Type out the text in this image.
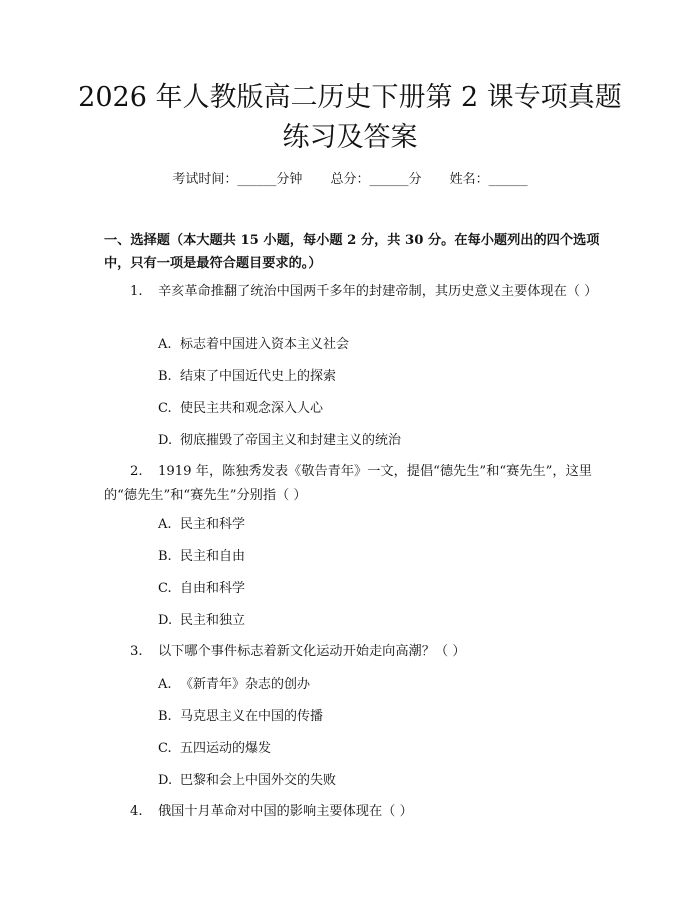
2026 年人教版高二历史下册第 2 课专项真题
练习及答案
考试时间：______分钟 总分：______分 姓名：______

一、选择题（本大题共 15 小题，每小题 2 分，共 30 分。在每小题列出的四个选项中，只有一项是最符合题目要求的。）

1. 辛亥革命推翻了统治中国两千多年的封建帝制，其历史意义主要体现在（ ）

A. 标志着中国进入资本主义社会

B. 结束了中国近代史上的探索

C. 使民主共和观念深入人心

D. 彻底摧毁了帝国主义和封建主义的统治

2. 1919 年，陈独秀发表《敬告青年》一文，提倡“德先生”和“赛先生”，这里的“德先生”和“赛先生”分别指（ ）

A. 民主和科学

B. 民主和自由

C. 自由和科学

D. 民主和独立

3. 以下哪个事件标志着新文化运动开始走向高潮？（ ）

A. 《新青年》杂志的创办

B. 马克思主义在中国的传播

C. 五四运动的爆发

D. 巴黎和会上中国外交的失败

4. 俄国十月革命对中国的影响主要体现在（ ）
